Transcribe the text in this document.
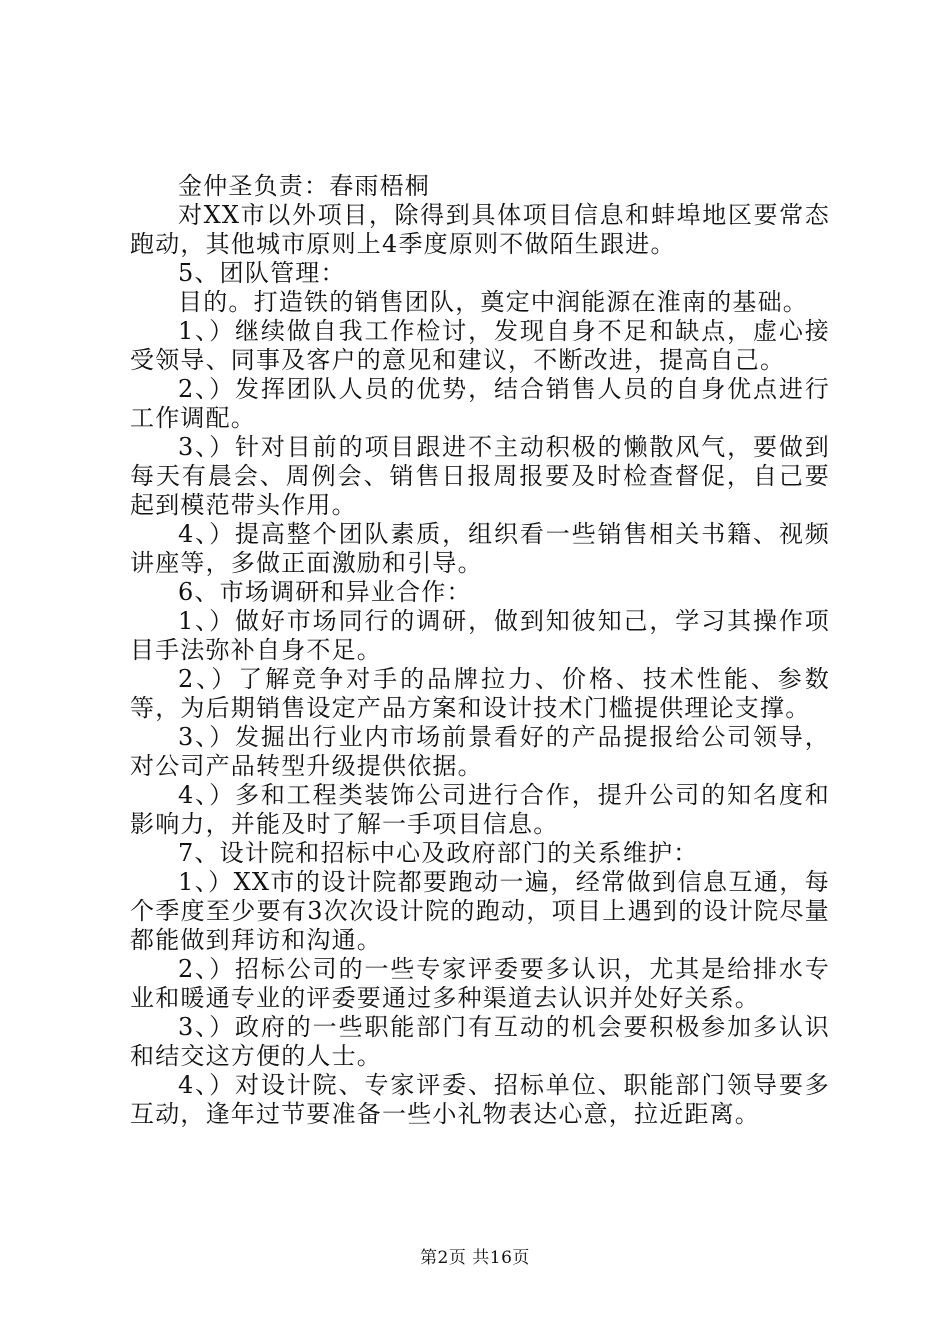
金仲圣负责：春雨梧桐

对XX市以外项目，除得到具体项目信息和蚌埠地区要常态跑动，其他城市原则上4季度原则不做陌生跟进。

5、团队管理：

目的。打造铁的销售团队，奠定中润能源在淮南的基础。

1、）继续做自我工作检讨，发现自身不足和缺点，虚心接受领导、同事及客户的意见和建议，不断改进，提高自己。

2、）发挥团队人员的优势，结合销售人员的自身优点进行工作调配。

3、）针对目前的项目跟进不主动积极的懒散风气，要做到每天有晨会、周例会、销售日报周报要及时检查督促，自己要起到模范带头作用。

4、）提高整个团队素质，组织看一些销售相关书籍、视频讲座等，多做正面激励和引导。

6、市场调研和异业合作：

1、）做好市场同行的调研，做到知彼知己，学习其操作项目手法弥补自身不足。

2、）了解竞争对手的品牌拉力、价格、技术性能、参数等，为后期销售设定产品方案和设计技术门槛提供理论支撑。

3、）发掘出行业内市场前景看好的产品提报给公司领导，对公司产品转型升级提供依据。

4、）多和工程类装饰公司进行合作，提升公司的知名度和影响力，并能及时了解一手项目信息。

7、设计院和招标中心及政府部门的关系维护：

1、）XX市的设计院都要跑动一遍，经常做到信息互通，每个季度至少要有3次次设计院的跑动，项目上遇到的设计院尽量都能做到拜访和沟通。

2、）招标公司的一些专家评委要多认识，尤其是给排水专业和暖通专业的评委要通过多种渠道去认识并处好关系。

3、）政府的一些职能部门有互动的机会要积极参加多认识和结交这方便的人士。

4、）对设计院、专家评委、招标单位、职能部门领导要多互动，逢年过节要准备一些小礼物表达心意，拉近距离。

第2页 共16页
